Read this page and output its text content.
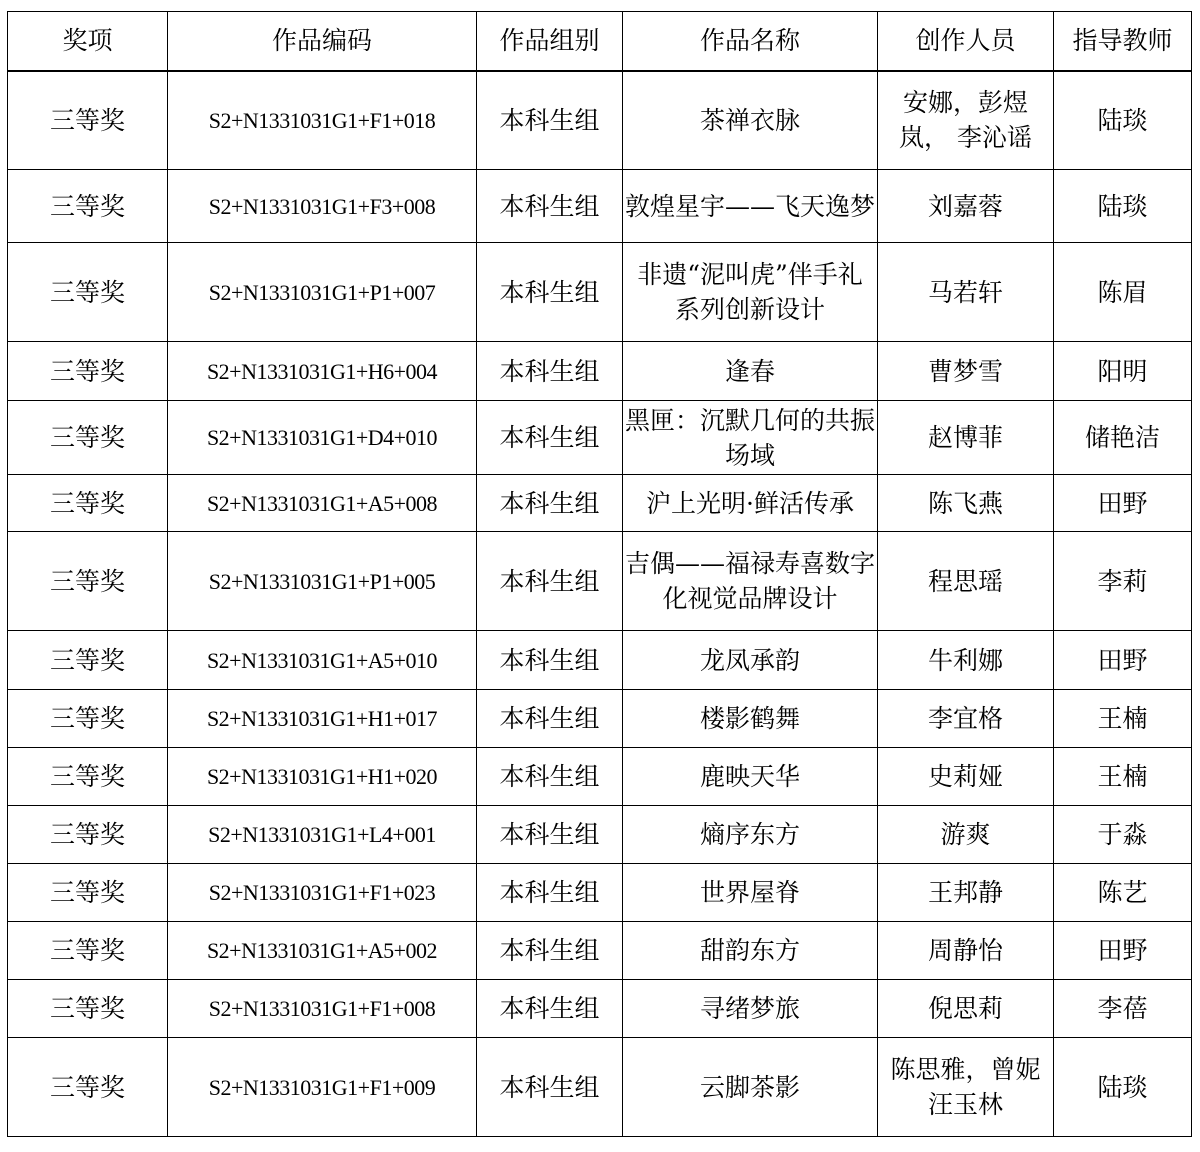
奖项	作品编码	作品组别	作品名称	创作人员	指导教师
三等奖	S2+N1331031G1+F1+018	本科生组	茶禅衣脉	安娜，彭煜岚， 李沁谣	陆琰
三等奖	S2+N1331031G1+F3+008	本科生组	敦煌星宇——飞天逸梦	刘嘉蓉	陆琰
三等奖	S2+N1331031G1+P1+007	本科生组	非遗“泥叫虎”伴手礼系列创新设计	马若轩	陈眉
三等奖	S2+N1331031G1+H6+004	本科生组	逢春	曹梦雪	阳明
三等奖	S2+N1331031G1+D4+010	本科生组	黑匣：沉默几何的共振场域	赵博菲	储艳洁
三等奖	S2+N1331031G1+A5+008	本科生组	沪上光明·鲜活传承	陈飞燕	田野
三等奖	S2+N1331031G1+P1+005	本科生组	吉偶——福禄寿喜数字化视觉品牌设计	程思瑶	李莉
三等奖	S2+N1331031G1+A5+010	本科生组	龙凤承韵	牛利娜	田野
三等奖	S2+N1331031G1+H1+017	本科生组	楼影鹤舞	李宜格	王楠
三等奖	S2+N1331031G1+H1+020	本科生组	鹿映天华	史莉娅	王楠
三等奖	S2+N1331031G1+L4+001	本科生组	熵序东方	游爽	于淼
三等奖	S2+N1331031G1+F1+023	本科生组	世界屋脊	王邦静	陈艺
三等奖	S2+N1331031G1+A5+002	本科生组	甜韵东方	周静怡	田野
三等奖	S2+N1331031G1+F1+008	本科生组	寻绪梦旅	倪思莉	李蓓
三等奖	S2+N1331031G1+F1+009	本科生组	云脚茶影	陈思雅，曾妮汪玉林	陆琰
